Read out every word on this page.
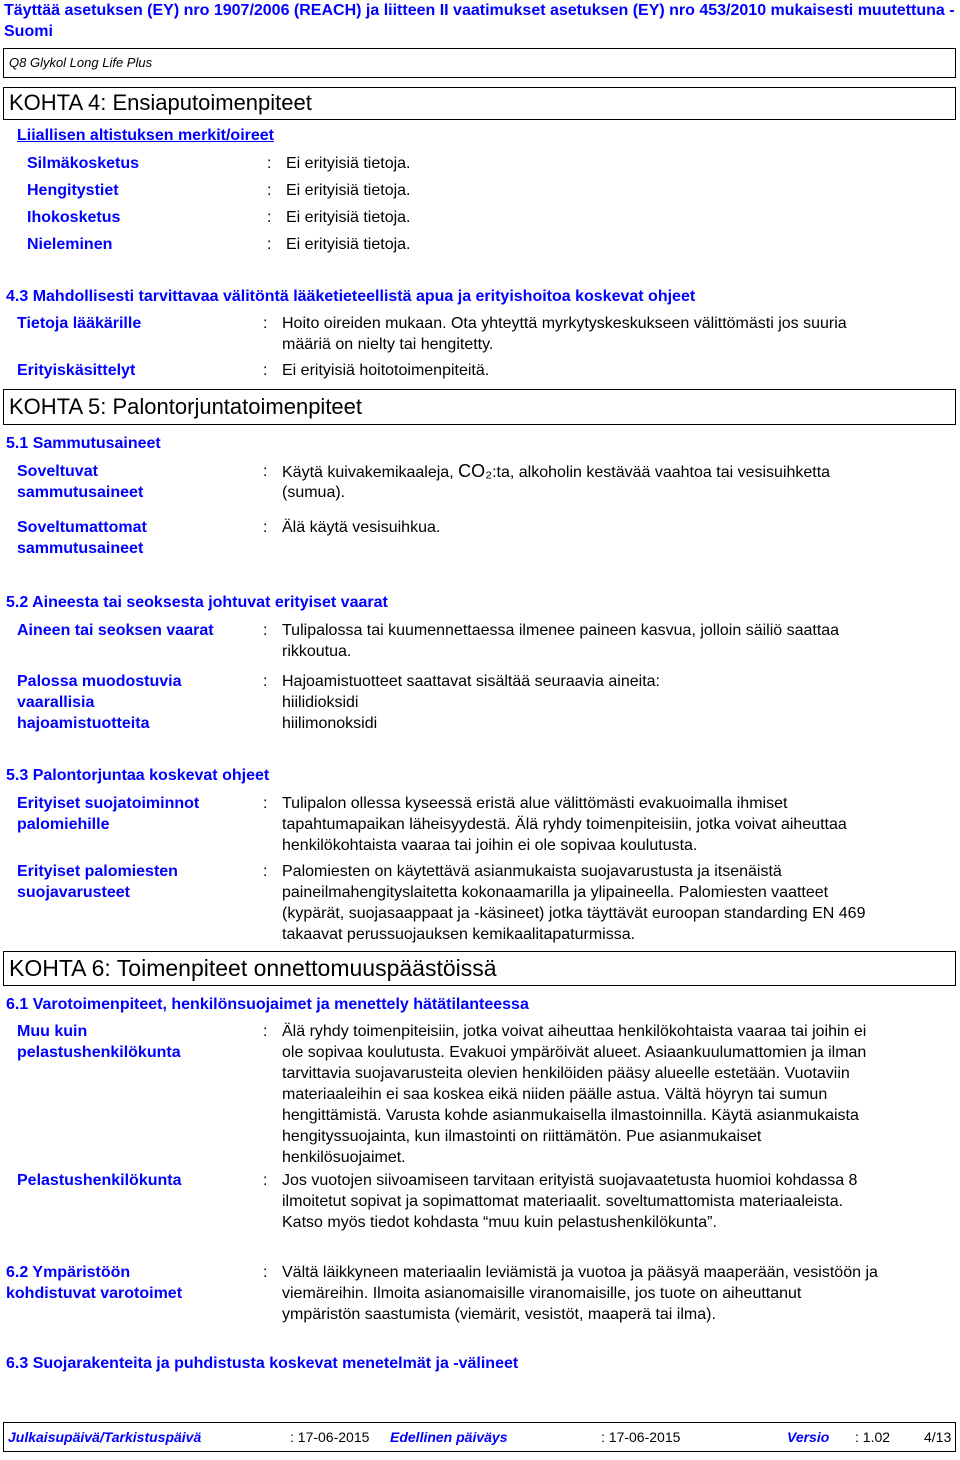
Täyttää asetuksen (EY) nro 1907/2006 (REACH) ja liitteen II vaatimukset asetuksen (EY) nro 453/2010 mukaisesti muutettuna - Suomi
Q8 Glykol Long Life Plus
KOHTA 4: Ensiaputoimenpiteet
Liiallisen altistuksen merkit/oireet
Silmäkosketus	: Ei erityisiä tietoja.
Hengitystiet	: Ei erityisiä tietoja.
Ihokosketus	: Ei erityisiä tietoja.
Nieleminen	: Ei erityisiä tietoja.
4.3 Mahdollisesti tarvittavaa välitöntä lääketieteellistä apua ja erityishoitoa koskevat ohjeet
Tietoja lääkärille	: Hoito oireiden mukaan. Ota yhteyttä myrkytyskeskukseen välittömästi jos suuria
määriä on nielty tai hengitetty.
Erityiskäsittelyt	: Ei erityisiä hoitotoimenpiteitä.
KOHTA 5: Palontorjuntatoimenpiteet
5.1 Sammutusaineet
Soveltuvat
sammutusaineet
: Käytä kuivakemikaaleja, CO₂:ta, alkoholin kestävää vaahtoa tai vesisuihketta
(sumua).
Soveltumattomat
sammutusaineet
: Älä käytä vesisuihkua.
5.2 Aineesta tai seoksesta johtuvat erityiset vaarat
Aineen tai seoksen vaarat	: Tulipalossa tai kuumennettaessa ilmenee paineen kasvua, jolloin säiliö saattaa
rikkoutua.
Palossa muodostuvia
vaarallisia
hajoamistuotteita
: Hajoamistuotteet saattavat sisältää seuraavia aineita:
hiilidioksidi
hiilimonoksidi
5.3 Palontorjuntaa koskevat ohjeet
Erityiset suojatoiminnot
palomiehille
: Tulipalon ollessa kyseessä eristä alue välittömästi evakuoimalla ihmiset
tapahtumapaikan läheisyydestä. Älä ryhdy toimenpiteisiin, jotka voivat aiheuttaa
henkilökohtaista vaaraa tai joihin ei ole sopivaa koulutusta.
Erityiset palomiesten
suojavarusteet
: Palomiesten on käytettävä asianmukaista suojavarustusta ja itsenäistä
paineilmahengityslaitetta kokonaamarilla ja ylipaineella. Palomiesten vaatteet
(kypärät, suojasaappaat ja -käsineet) jotka täyttävät euroopan standarding EN 469
takaavat perussuojauksen kemikaalitapaturmissa.
KOHTA 6: Toimenpiteet onnettomuuspäästöissä
6.1 Varotoimenpiteet, henkilönsuojaimet ja menettely hätätilanteessa
Muu kuin
pelastushenkilökunta
: Älä ryhdy toimenpiteisiin, jotka voivat aiheuttaa henkilökohtaista vaaraa tai joihin ei
ole sopivaa koulutusta. Evakuoi ympäröivät alueet. Asiaankuulumattomien ja ilman
tarvittavia suojavarusteita olevien henkilöiden pääsy alueelle estetään. Vuotaviin
materiaaleihin ei saa koskea eikä niiden päälle astua. Vältä höyryn tai sumun
hengittämistä. Varusta kohde asianmukaisella ilmastoinnilla. Käytä asianmukaista
hengityssuojainta, kun ilmastointi on riittämätön. Pue asianmukaiset
henkilösuojaimet.
Pelastushenkilökunta	: Jos vuotojen siivoamiseen tarvitaan erityistä suojavaatetusta huomioi kohdassa 8
ilmoitetut sopivat ja sopimattomat materiaalit. soveltumattomista materiaaleista.
Katso myös tiedot kohdasta “muu kuin pelastushenkilökunta”.
6.2 Ympäristöön
kohdistuvat varotoimet
: Vältä läikkyneen materiaalin leviämistä ja vuotoa ja pääsyä maaperään, vesistöön ja
viemäreihin. Ilmoita asianomaisille viranomaisille, jos tuote on aiheuttanut
ympäristön saastumista (viemärit, vesistöt, maaperä tai ilma).
6.3 Suojarakenteita ja puhdistusta koskevat menetelmät ja -välineet
Julkaisupäivä/Tarkistuspäivä	: 17-06-2015 Edellinen päiväys	: 17-06-2015	Versio : 1.02 4/13
